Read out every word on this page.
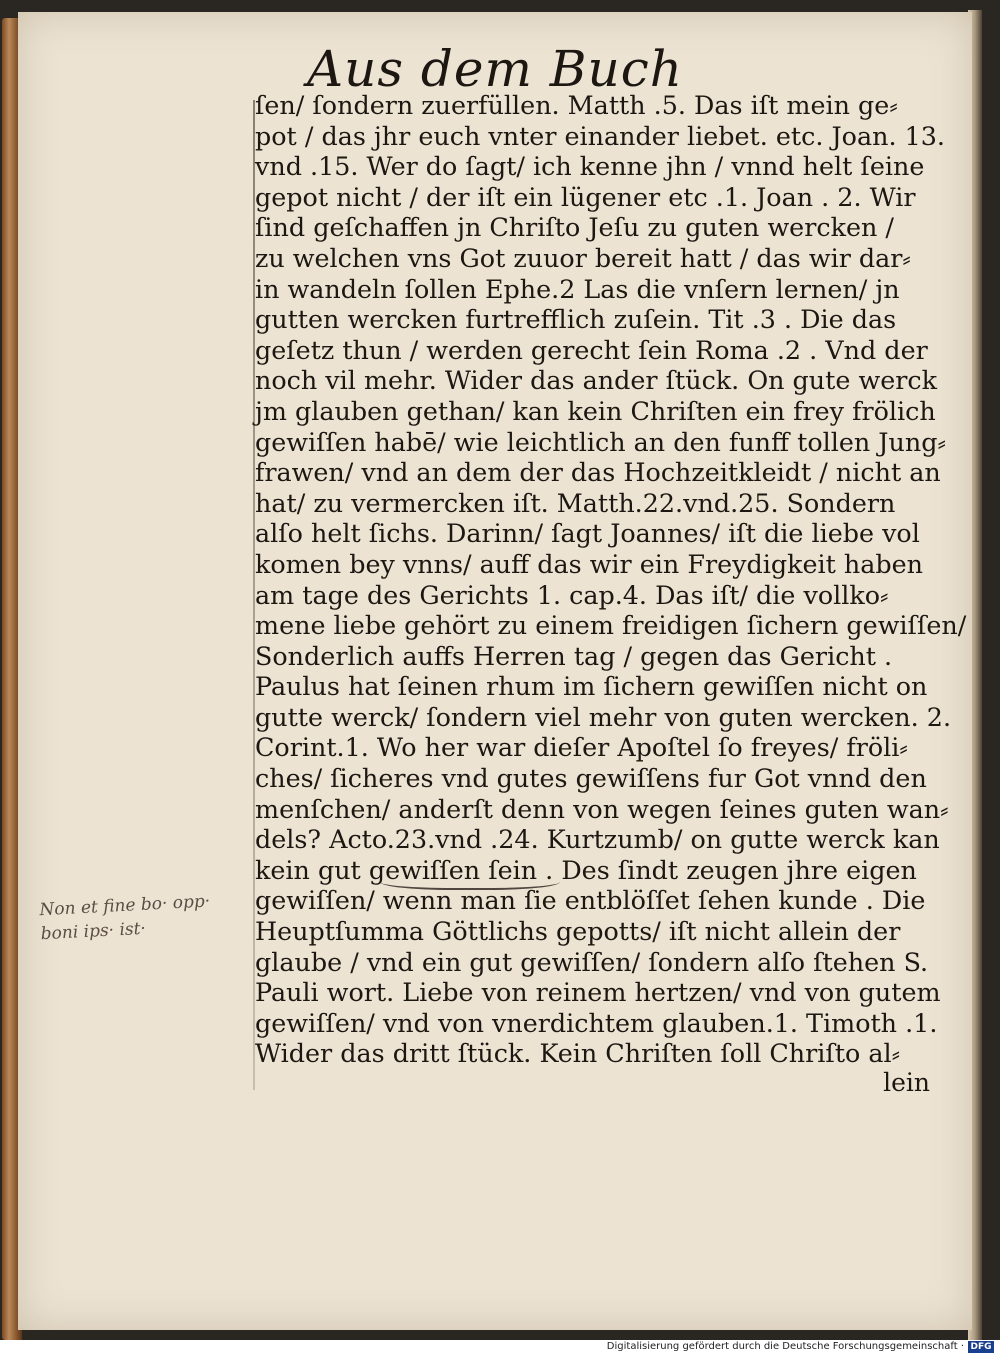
Aus dem Buch
ſen/ ſondern zuerfüllen. Matth .5. Das iſt mein ge⸗
pot / das jhr euch vnter einander liebet. etc. Joan. 13.
vnd .15. Wer do ſagt/ ich kenne jhn / vnnd helt ſeine
gepot nicht / der iſt ein lügener etc .1. Joan . 2. Wir
ſind geſchaffen jn Chriſto Jeſu zu guten wercken /
zu welchen vns Got zuuor bereit hatt / das wir dar⸗
in wandeln ſollen Ephe.2 Las die vnſern lernen/ jn
gutten wercken furtrefflich zuſein. Tit .3 . Die das
geſetz thun / werden gerecht ſein Roma .2 . Vnd der
noch vil mehr. Wider das ander ſtück. On gute werck
jm glauben gethan/ kan kein Chriſten ein frey frölich
gewiſſen habē/ wie leichtlich an den funff tollen Jung⸗
frawen/ vnd an dem der das Hochzeitkleidt / nicht an
hat/ zu vermercken iſt. Matth.22.vnd.25. Sondern
alſo helt ſichs. Darinn/ ſagt Joannes/ iſt die liebe vol
komen bey vnns/ auff das wir ein Freydigkeit haben
am tage des Gerichts 1. cap.4. Das iſt/ die vollko⸗
mene liebe gehört zu einem freidigen ſichern gewiſſen/
Sonderlich auffs Herren tag / gegen das Gericht .
Paulus hat ſeinen rhum im ſichern gewiſſen nicht on
gutte werck/ ſondern viel mehr von guten wercken. 2.
Corint.1. Wo her war dieſer Apoſtel ſo freyes/ fröli⸗
ches/ ſicheres vnd gutes gewiſſens fur Got vnnd den
menſchen/ anderſt denn von wegen ſeines guten wan⸗
dels? Acto.23.vnd .24. Kurtzumb/ on gutte werck kan
kein gut gewiſſen ſein . Des ſindt zeugen jhre eigen
gewiſſen/ wenn man ſie entblöſſet ſehen kunde . Die
Heuptſumma Göttlichs gepotts/ iſt nicht allein der
glaube / vnd ein gut gewiſſen/ ſondern alſo ſtehen S.
Pauli wort. Liebe von reinem hertzen/ vnd von gutem
gewiſſen/ vnd von vnerdichtem glauben.1. Timoth .1.
Wider das dritt ſtück. Kein Chriſten ſoll Chriſto al⸗
lein
Non et fine bo· opp·
boni ips· ist·
Digitalisierung gefördert durch die Deutsche Forschungsgemeinschaft · DFG
